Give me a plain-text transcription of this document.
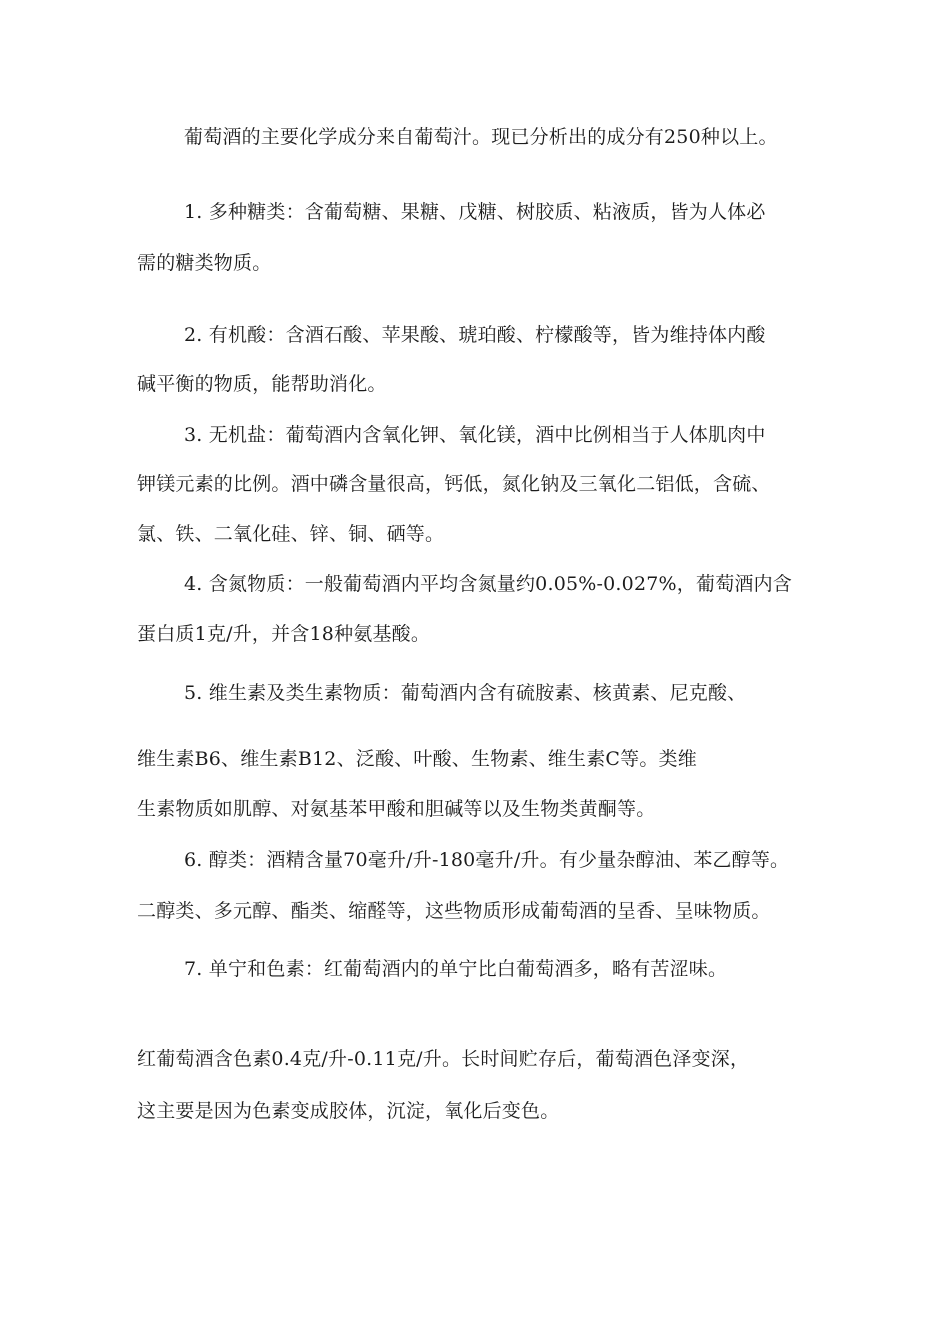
葡萄酒的主要化学成分来自葡萄汁。现已分析出的成分有250种以上。
1. 多种糖类：含葡萄糖、果糖、戊糖、树胶质、粘液质，皆为人体必
需的糖类物质。
2. 有机酸：含酒石酸、苹果酸、琥珀酸、柠檬酸等，皆为维持体内酸
碱平衡的物质，能帮助消化。
3. 无机盐：葡萄酒内含氧化钾、氧化镁，酒中比例相当于人体肌肉中
钾镁元素的比例。酒中磷含量很高，钙低，氮化钠及三氧化二铝低，含硫、
氯、铁、二氧化硅、锌、铜、硒等。
4. 含氮物质：一般葡萄酒内平均含氮量约0.05%-0.027%，葡萄酒内含
蛋白质1克/升，并含18种氨基酸。
5. 维生素及类生素物质：葡萄酒内含有硫胺素、核黄素、尼克酸、
维生素B6、维生素B12、泛酸、叶酸、生物素、维生素C等。类维
生素物质如肌醇、对氨基苯甲酸和胆碱等以及生物类黄酮等。
6. 醇类：酒精含量70毫升/升-180毫升/升。有少量杂醇油、苯乙醇等。
二醇类、多元醇、酯类、缩醛等，这些物质形成葡萄酒的呈香、呈味物质。
7. 单宁和色素：红葡萄酒内的单宁比白葡萄酒多，略有苦涩味。
红葡萄酒含色素0.4克/升-0.11克/升。长时间贮存后，葡萄酒色泽变深，
这主要是因为色素变成胶体，沉淀，氧化后变色。
